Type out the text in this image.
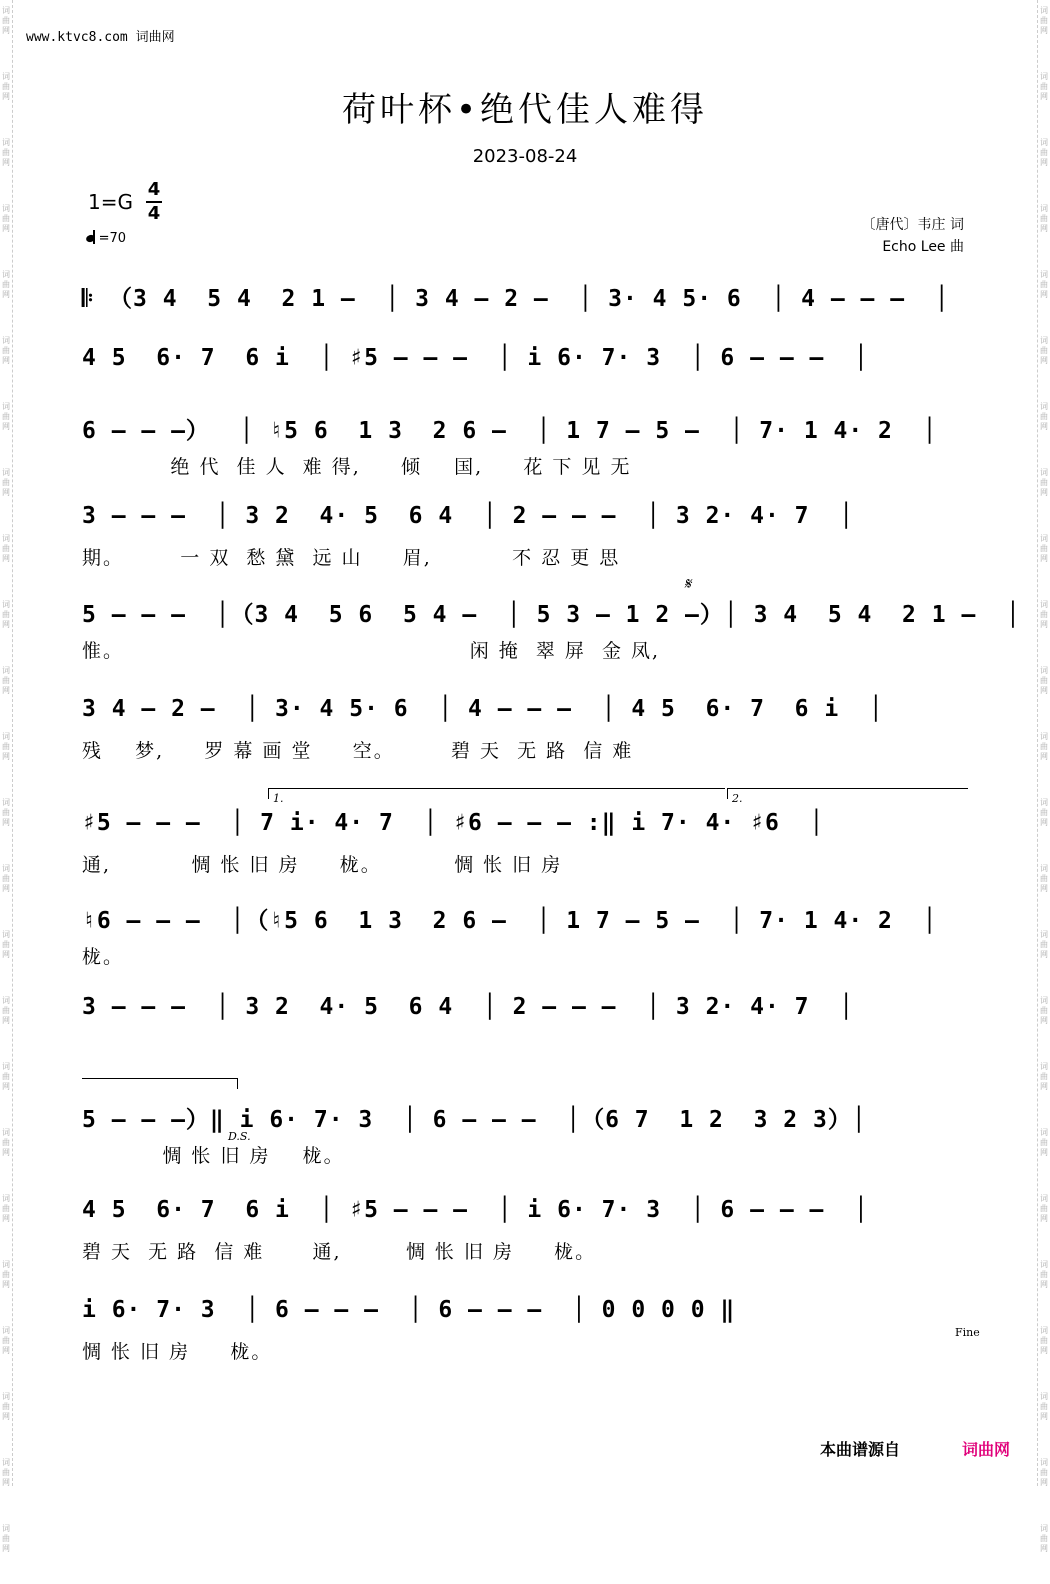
www.ktvc8.com 词曲网
荷叶杯•绝代佳人难得
2023-08-24
1=G
4
4
=70
〔唐代〕韦庄 词
Echo Lee 曲
𝄆 （3 4  5 4  2 1 –  │ 3 4 – 2 –  │ 3· 4 5· 6  │ 4 – – –  │
4 5  6· 7  6 i  │ ♯5 – – –  │ i 6· 7· 3  │ 6 – – –  │
6 – – –）  │ ♮5 6  1 3  2 6 –  │ 1 7 – 5 –  │ 7· 1 4· 2  │
绝 代  佳 人  难 得,     倾    国,     花 下 见 无
3 – – –  │ 3 2  4· 5  6 4  │ 2 – – –  │ 3 2· 4· 7  │
期。       一 双  愁 黛  远 山     眉,          不 忍 更 思
5 – – –  │（3 4  5 6  5 4 –  │ 5 3 – 1 2 –）│ 3 4  5 4  2 1 –  │
惟。                                           闲 掩  翠 屏  金 凤,
3 4 – 2 –  │ 3· 4 5· 6  │ 4 – – –  │ 4 5  6· 7  6 i  │
残    梦,     罗 幕 画 堂     空。       碧 天  无 路  信 难
♯5 – – –  │ 7 i· 4· 7  │ ♯6 – – – :‖ i 7· 4· ♯6  │
通,          惆 怅 旧 房     栊。         惆 怅 旧 房
♮6 – – –  │（♮5 6  1 3  2 6 –  │ 1 7 – 5 –  │ 7· 1 4· 2  │
栊。
3 – – –  │ 3 2  4· 5  6 4  │ 2 – – –  │ 3 2· 4· 7  │
5 – – –）‖ i 6· 7· 3  │ 6 – – –  │（6 7  1 2  3 2 3）│
惆 怅 旧 房    栊。
4 5  6· 7  6 i  │ ♯5 – – –  │ i 6· 7· 3  │ 6 – – –  │
碧 天  无 路  信 难      通,        惆 怅 旧 房     栊。
i 6· 7· 3  │ 6 – – –  │ 6 – – –  │ 0 0 0 0 ‖
惆 怅 旧 房     栊。
𝄋
1.	2.
D.S.
Fine
本曲谱源自	词曲网
词曲网
词曲网
词曲网
词曲网
词曲网
词曲网
词曲网
词曲网
词曲网
词曲网
词曲网
词曲网
词曲网
词曲网
词曲网
词曲网
词曲网
词曲网
词曲网
词曲网
词曲网
词曲网
词曲网
词曲网
词曲网
词曲网
词曲网
词曲网
词曲网
词曲网
词曲网
词曲网
词曲网
词曲网
词曲网
词曲网
词曲网
词曲网
词曲网
词曲网
词曲网
词曲网
词曲网
词曲网
词曲网
词曲网
词曲网
词曲网
